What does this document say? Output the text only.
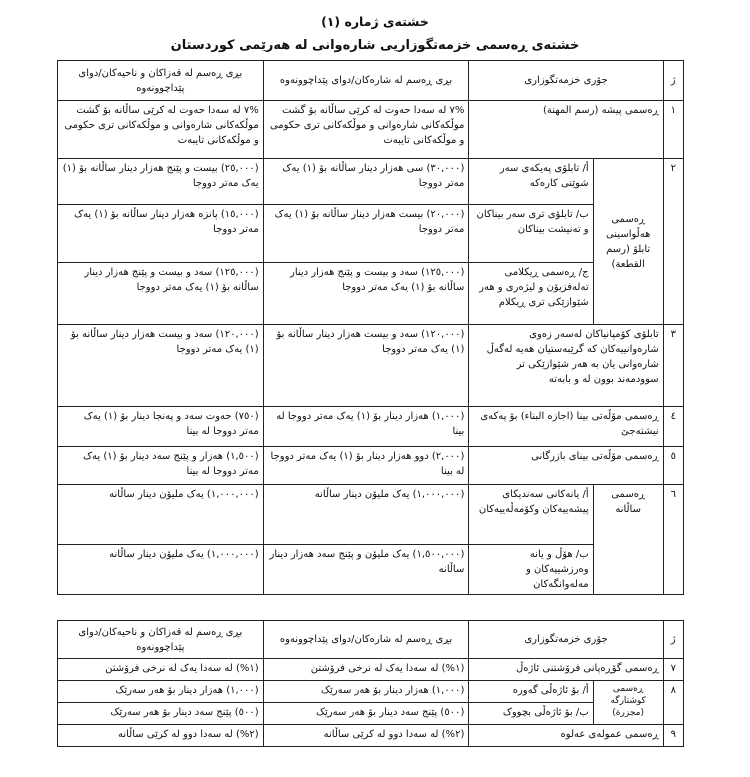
خشتەی ژمارە (١)
خشتەی ڕەسمی خزمەتگوزاریی شارەوانی لە هەرێمی کوردستان
ژ	جۆری خزمەتگوزاری		بڕی ڕەسم لە شارەکان/دوای پێداچوونەوە	بڕی ڕەسم لە قەزاکان و ناحیەکان/دوای پێداچوونەوە
١	ڕەسمی پیشە (رسم المهنة)		%٧ لە سەدا حەوت لە کرێی ساڵانە بۆ گشت موڵکەکانی شارەوانی و موڵکەکانی تری حکومی و موڵکەکانی تایبەت	%٧ لە سەدا حەوت لە کرێی ساڵانە بۆ گشت موڵکەکانی شارەوانی و موڵکەکانی تری حکومی و موڵکەکانی تایبەت
٢	ڕەسمی هەڵواسینی تابلۆ (رسم القطعة)	أ/ تابلۆی پەیکەی سەر شوێنی کارەکە	(٣٠,٠٠٠) سی هەزار دینار ساڵانە بۆ (١) یەک مەتر دووجا	(٢٥,٠٠٠) بیست و پێنج هەزار دینار ساڵانە بۆ (١) یەک مەتر دووجا
		ب/ تابلۆی تری سەر بیناکان و تەنیشت بیناکان	(٢٠,٠٠٠) بیست هەزار دینار ساڵانە بۆ (١) یەک مەتر دووجا	(١٥,٠٠٠) پانزە هەزار دینار ساڵانە بۆ (١) یەک مەتر دووجا
		ج/ ڕەسمی ڕیکلامی تەلەفزیۆن و لیژەری و هەر شێوازێکی تری ڕیکلام	(١٢٥,٠٠٠) سەد و بیست و پێنج هەزار دینار ساڵانە بۆ (١) یەک مەتر دووجا	(١٢٥,٠٠٠) سەد و بیست و پێنج هەزار دینار ساڵانە بۆ (١) یەک مەتر دووجا
٣	تابلۆی کۆمپانیاکان لەسەر زەوی شارەوانییەکان کە گرێبەستیان هەیە لەگەڵ شارەوانی یان بە هەر شێوازێکی تر سوودمەند بوون لە و بابەتە		(١٢٠,٠٠٠) سەد و بیست هەزار دینار ساڵانە بۆ (١) یەک مەتر دووجا	(١٢٠,٠٠٠) سەد و بیست هەزار دینار ساڵانە بۆ (١) یەک مەتر دووجا
٤	ڕەسمی مۆڵەتی بینا (اجازە البناء) بۆ پەکەی نیشتەجێ		(١,٠٠٠) هەزار دینار بۆ (١) یەک مەتر دووجا لە بینا	(٧٥٠) حەوت سەد و پەنجا دینار بۆ (١) یەک مەتر دووجا لە بینا
٥	ڕەسمی مۆڵەتی بینای بازرگانی		(٢,٠٠٠) دوو هەزار دینار بۆ (١) یەک مەتر دووجا لە بینا	(١,٥٠٠) هەزار و پێنج سەد دینار بۆ (١) یەک مەتر دووجا لە بینا
٦	ڕەسمی ساڵانە	أ/ یانەکانی سەندیکای پیشەییەکان وکۆمەڵەییەکان	(١,٠٠٠,٠٠٠) یەک ملیۆن دینار ساڵانە	(١,٠٠٠,٠٠٠) یەک ملیۆن دینار ساڵانە
		ب/ هۆڵ و یانە وەرزشییەکان و مەلەوانگەکان	(١,٥٠٠,٠٠٠) یەک ملیۆن و پێنج سەد هەزار دینار ساڵانە	(١,٠٠٠,٠٠٠) یەک ملیۆن دینار ساڵانە
ژ	جۆری خزمەتگوزاری		بڕی ڕەسم لە شارەکان/دوای پێداچوونەوە	بڕی ڕەسم لە قەزاکان و ناحیەکان/دوای پێداچوونەوە
٧	ڕەسمی گۆڕەپانی فرۆشتنی ئاژەڵ		(١%) لە سەدا یەک لە نرخی فرۆشتن	(١%) لە سەدا یەک لە نرخی فرۆشتن
٨	ڕەسمی کوشتارگە (مجزرة)	أ/ بۆ ئاژەڵی گەورە	(١,٠٠٠) هەزار دینار بۆ هەر سەرێک	(١,٠٠٠) هەزار دینار بۆ هەر سەرێک
		ب/ بۆ ئاژەڵی بچووک	(٥٠٠) پێنج سەد دینار بۆ هەر سەرێک	(٥٠٠) پێنج سەد دینار بۆ هەر سەرێک
٩	ڕەسمی عمولەی عەلوە		(٢%) لە سەدا دوو لە کرێی ساڵانە	(٢%) لە سەدا دوو لە کرێی ساڵانە
